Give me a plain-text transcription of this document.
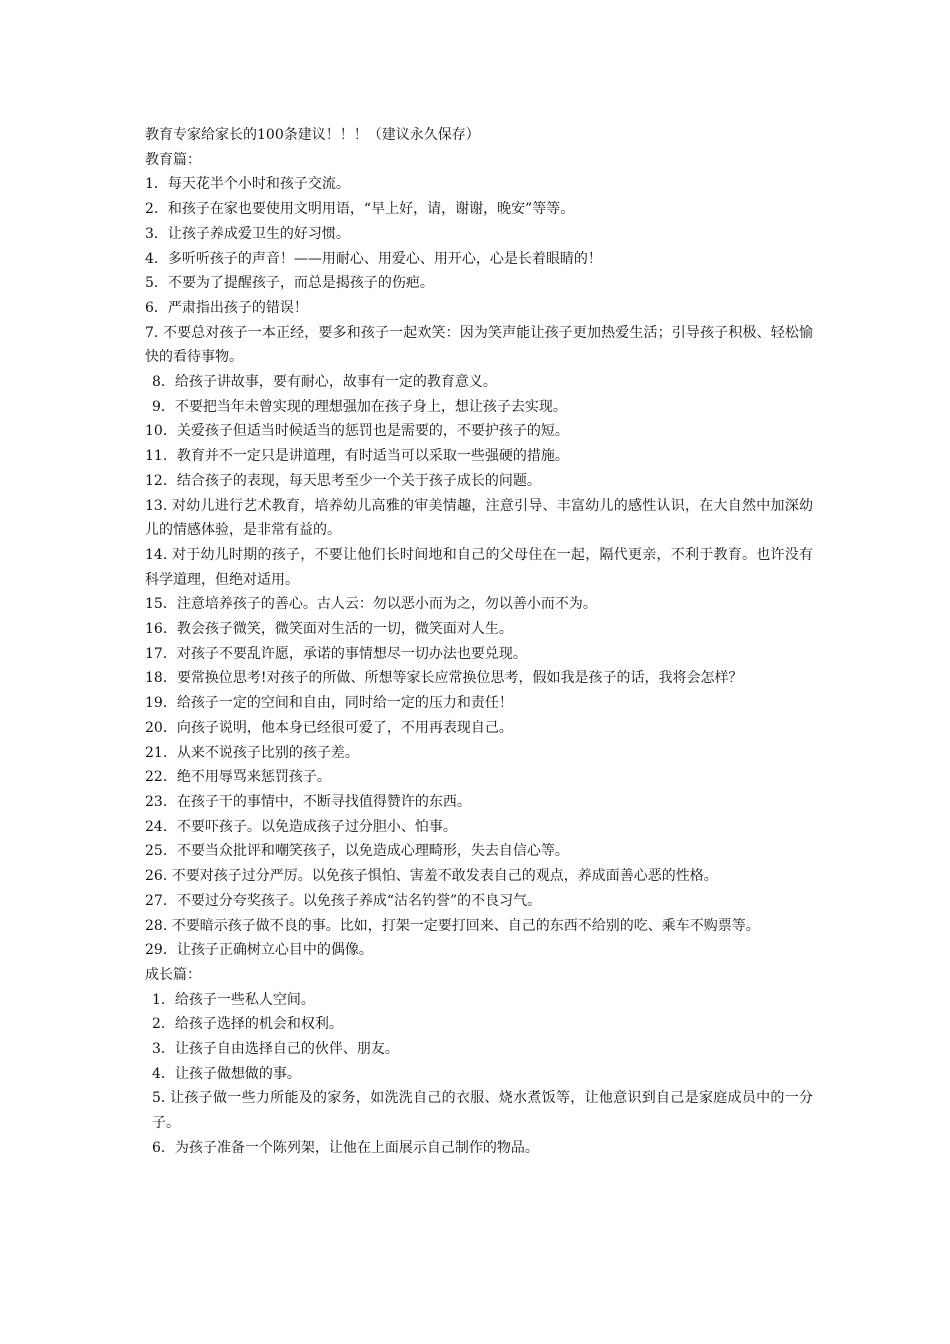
教育专家给家长的100条建议！！！（建议永久保存）

教育篇：

1．每天花半个小时和孩子交流。

2．和孩子在家也要使用文明用语，“早上好，请，谢谢，晚安”等等。

3．让孩子养成爱卫生的好习惯。

4．多听听孩子的声音！——用耐心、用爱心、用开心，心是长着眼睛的！

5．不要为了提醒孩子，而总是揭孩子的伤疤。

6．严肃指出孩子的错误！

7. 不要总对孩子一本正经，要多和孩子一起欢笑：因为笑声能让孩子更加热爱生活；引导孩子积极、轻松愉快的看待事物。

8．给孩子讲故事，要有耐心，故事有一定的教育意义。

9．不要把当年未曾实现的理想强加在孩子身上，想让孩子去实现。

10．关爱孩子但适当时候适当的惩罚也是需要的，不要护孩子的短。

11．教育并不一定只是讲道理，有时适当可以采取一些强硬的措施。

12．结合孩子的表现，每天思考至少一个关于孩子成长的问题。

13. 对幼儿进行艺术教育，培养幼儿高雅的审美情趣，注意引导、丰富幼儿的感性认识，在大自然中加深幼儿的情感体验，是非常有益的。

14. 对于幼儿时期的孩子，不要让他们长时间地和自己的父母住在一起，隔代更亲，不利于教育。也许没有科学道理，但绝对适用。

15．注意培养孩子的善心。古人云：勿以恶小而为之，勿以善小而不为。

16．教会孩子微笑，微笑面对生活的一切，微笑面对人生。

17．对孩子不要乱许愿，承诺的事情想尽一切办法也要兑现。

18．要常换位思考!对孩子的所做、所想等家长应常换位思考，假如我是孩子的话，我将会怎样？

19．给孩子一定的空间和自由，同时给一定的压力和责任！

20．向孩子说明，他本身已经很可爱了，不用再表现自己。

21．从来不说孩子比别的孩子差。

22．绝不用辱骂来惩罚孩子。

23．在孩子干的事情中，不断寻找值得赞许的东西。

24．不要吓孩子。以免造成孩子过分胆小、怕事。

25．不要当众批评和嘲笑孩子，以免造成心理畸形，失去自信心等。

26. 不要对孩子过分严厉。以免孩子惧怕、害羞不敢发表自己的观点，养成面善心恶的性格。

27．不要过分夸奖孩子。以免孩子养成“沽名钓誉”的不良习气。

28. 不要暗示孩子做不良的事。比如，打架一定要打回来、自己的东西不给别的吃、乘车不购票等。

29．让孩子正确树立心目中的偶像。

成长篇：

1．给孩子一些私人空间。

2．给孩子选择的机会和权利。

3．让孩子自由选择自己的伙伴、朋友。

4．让孩子做想做的事。

5. 让孩子做一些力所能及的家务，如洗洗自己的衣服、烧水煮饭等，让他意识到自己是家庭成员中的一分子。

6．为孩子准备一个陈列架，让他在上面展示自己制作的物品。
